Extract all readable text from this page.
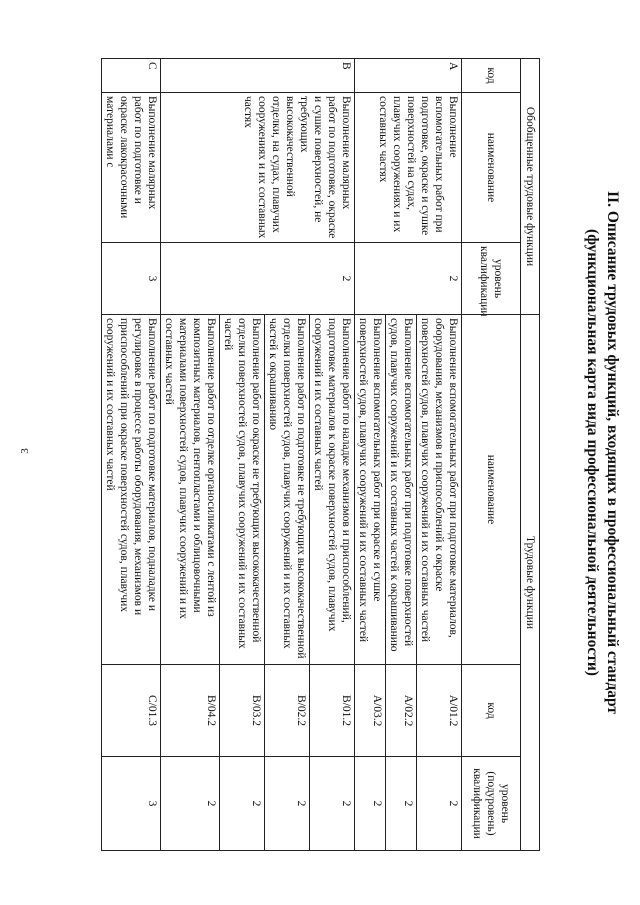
3	II. Описание трудовых функций, входящих в профессиональный стандарт
(функциональная карта вида профессиональной деятельности)
Обобщенные трудовые функции			Трудовые функции		
код	наименование	уровень квалификации	наименование	код	уровень (подуровень) квалификации
A	Выполнение вспомогательных работ при подготовке, окраске и сушке поверхностей на судах, плавучих сооружениях и их составных частях	2	Выполнение вспомогательных работ при подготовке материалов, оборудования, механизмов и приспособлений к окраске поверхностей судов, плавучих сооружений и их составных частей	A/01.2	2
			Выполнение вспомогательных работ при подготовке поверхностей судов, плавучих сооружений и их составных частей к окрашиванию	A/02.2	2
			Выполнение вспомогательных работ при окраске и сушке поверхностей судов, плавучих сооружений и их составных частей	A/03.2	2
B	Выполнение малярных работ по подготовке, окраске и сушке поверхностей, не требующих высококачественной отделки, на судах, плавучих сооружениях и их составных частях	2	Выполнение работ по наладке механизмов и приспособлений, подготовке материалов к окраске поверхностей судов, плавучих сооружений и их составных частей	B/01.2	2
			Выполнение работ по подготовке не требующих высококачественной отделки поверхностей судов, плавучих сооружений и их составных частей к окрашиванию	B/02.2	2
			Выполнение работ по окраске не требующих высококачественной отделки поверхностей судов, плавучих сооружений и их составных частей	B/03.2	2
			Выполнение работ по отделке органосиликатами с лентой из композитных материалов, пентопластами и облицовочными материалами поверхностей судов, плавучих сооружений и их составных частей	B/04.2	2
C	Выполнение малярных работ по подготовке и окраске лакокрасочными материалами с	3	Выполнение работ по подготовке материалов, подналадке и регулировке в процессе работы оборудования, механизмов и приспособлений при окраске поверхностей судов, плавучих сооружений и их составных частей	C/01.3	3
